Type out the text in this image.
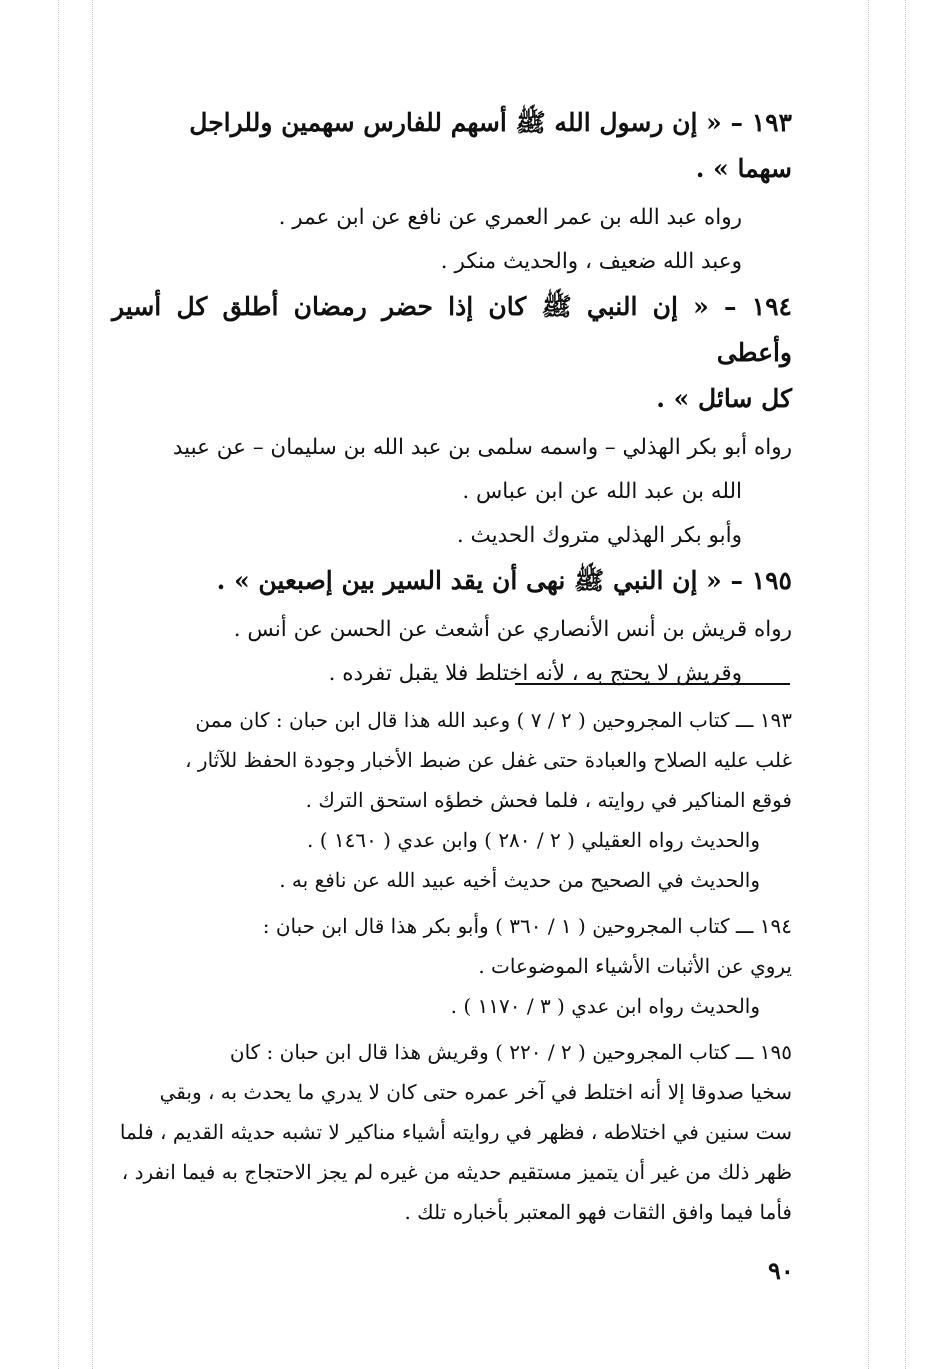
١٩٣ – « إن رسول الله ﷺ أسهم للفارس سهمين وللراجل

سهما » .

رواه عبد الله بن عمر العمري عن نافع عن ابن عمر .

وعبد الله ضعيف ، والحديث منكر .

١٩٤ – « إن النبي ﷺ كان إذا حضر رمضان أطلق كل أسير وأعطى

كل سائل » .

رواه أبو بكر الهذلي – واسمه سلمى بن عبد الله بن سليمان – عن عبيد

الله بن عبد الله عن ابن عباس .

وأبو بكر الهذلي متروك الحديث .

١٩٥ – « إن النبي ﷺ نهى أن يقد السير بين إصبعين » .

رواه قريش بن أنس الأنصاري عن أشعث عن الحسن عن أنس .

وقريش لا يحتج به ، لأنه اختلط فلا يقبل تفرده .

١٩٣ ـــ كتاب المجروحين ( ٢ / ٧ ) وعبد الله هذا قال ابن حبان : كان ممن

غلب عليه الصلاح والعبادة حتى غفل عن ضبط الأخبار وجودة الحفظ للآثار ،

فوقع المناكير في روايته ، فلما فحش خطؤه استحق الترك .

والحديث رواه العقيلي ( ٢ / ٢٨٠ ) وابن عدي ( ١٤٦٠ ) .

والحديث في الصحيح من حديث أخيه عبيد الله عن نافع به .

١٩٤ ـــ كتاب المجروحين ( ١ / ٣٦٠ ) وأبو بكر هذا قال ابن حبان :

يروي عن الأثبات الأشياء الموضوعات .

والحديث رواه ابن عدي ( ٣ / ١١٧٠ ) .

١٩٥ ـــ كتاب المجروحين ( ٢ / ٢٢٠ ) وقريش هذا قال ابن حبان : كان

سخيا صدوقا إلا أنه اختلط في آخر عمره حتى كان لا يدري ما يحدث به ، وبقي

ست سنين في اختلاطه ، فظهر في روايته أشياء مناكير لا تشبه حديثه القديم ، فلما

ظهر ذلك من غير أن يتميز مستقيم حديثه من غيره لم يجز الاحتجاج به فيما انفرد ،

فأما فيما وافق الثقات فهو المعتبر بأخباره تلك .

٩٠
